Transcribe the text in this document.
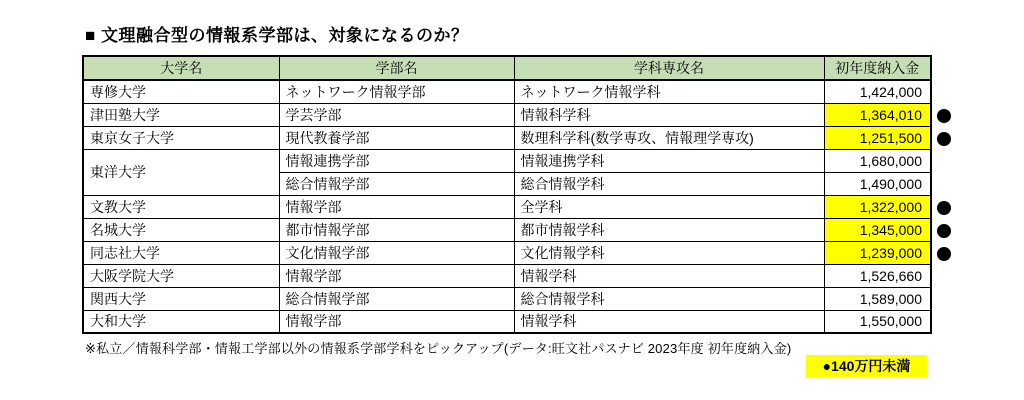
■ 文理融合型の情報系学部は、対象になるのか？
大学名	学部名	学科専攻名	初年度納入金
専修大学	ネットワーク情報学部	ネットワーク情報学科	1,424,000
津田塾大学	学芸学部	情報科学科	1,364,010
東京女子大学	現代教養学部	数理科学科(数学専攻、情報理学専攻)	1,251,500
東洋大学	情報連携学部	情報連携学科	1,680,000
	総合情報学部	総合情報学科	1,490,000
文教大学	情報学部	全学科	1,322,000
名城大学	都市情報学部	都市情報学科	1,345,000
同志社大学	文化情報学部	文化情報学科	1,239,000
大阪学院大学	情報学部	情報学科	1,526,660
関西大学	総合情報学部	総合情報学科	1,589,000
大和大学	情報学部	情報学科	1,550,000
※私立／情報科学部・情報工学部以外の情報系学部学科をピックアップ(データ:旺文社パスナビ 2023年度 初年度納入金)
●140万円未満
